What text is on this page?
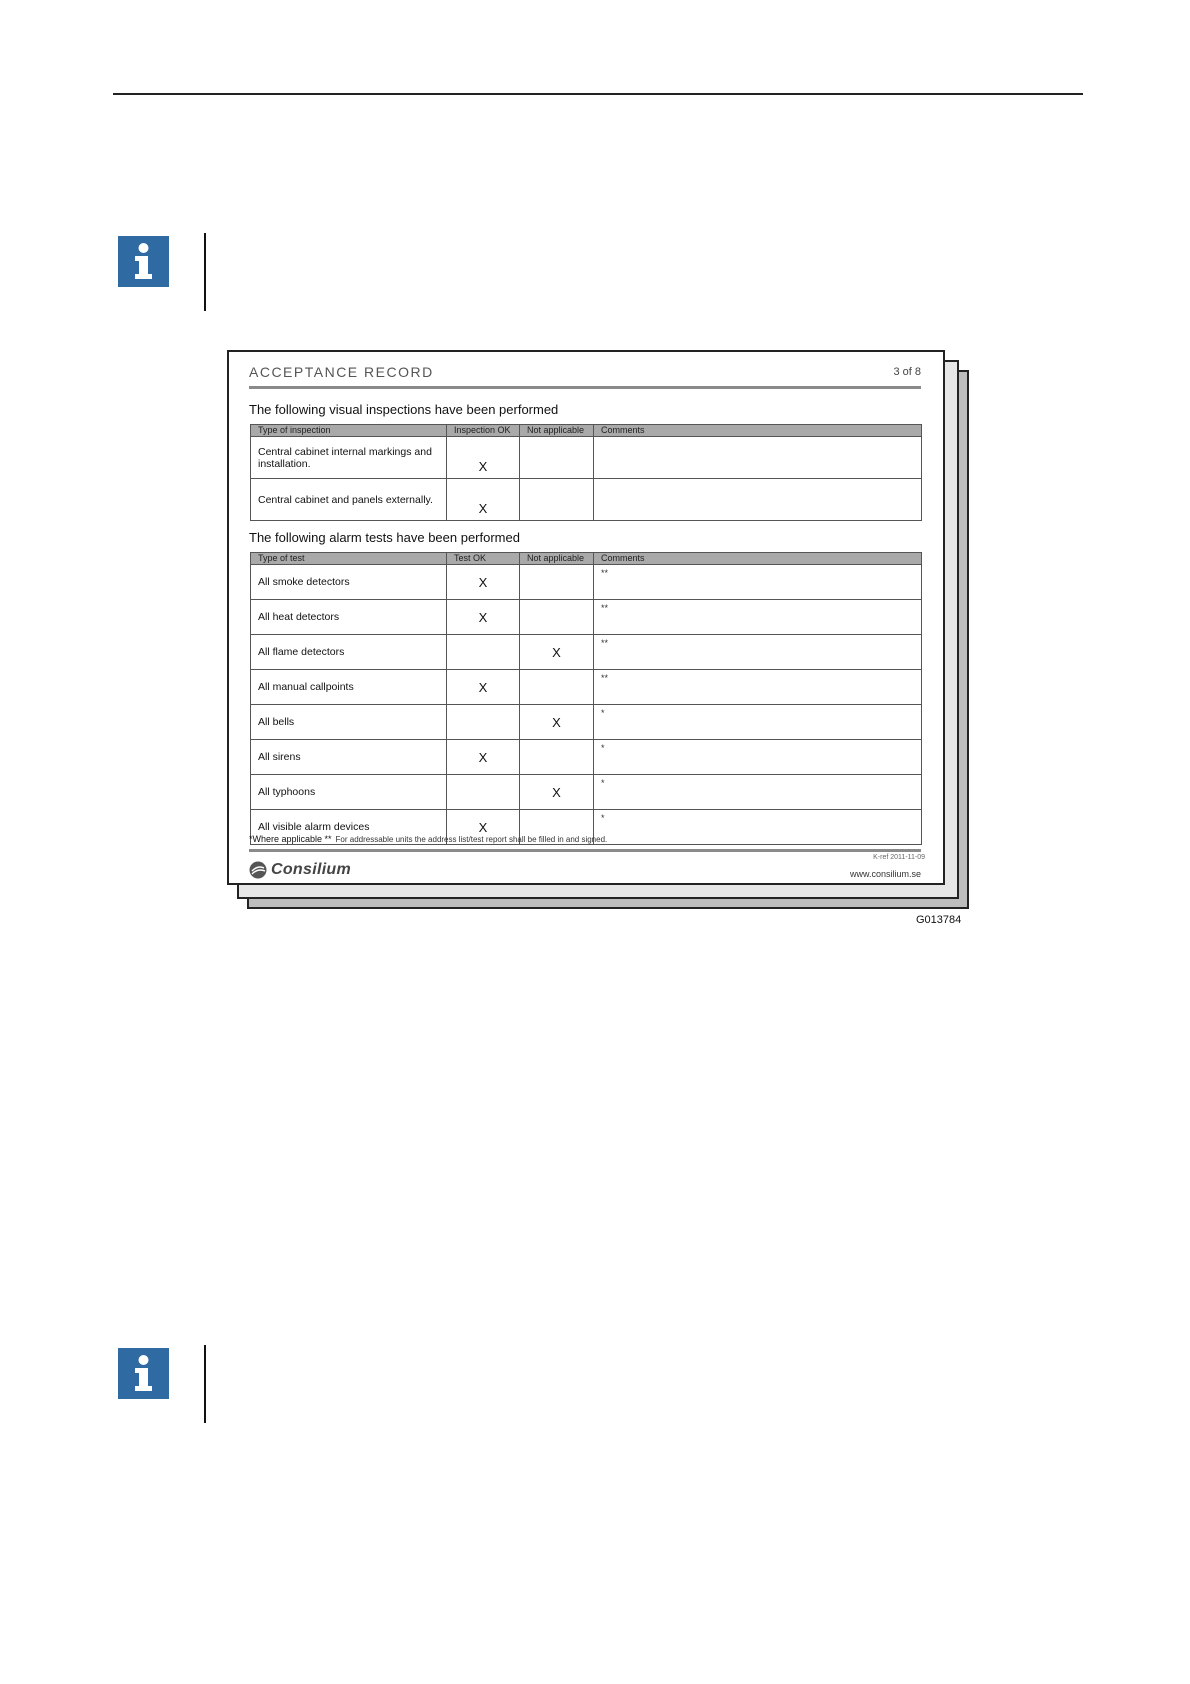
ACCEPTANCE RECORD	3 of 8
The following visual inspections have been performed
Type of inspection	Inspection OK	Not applicable	Comments
Central cabinet internal markings and installation.	X		
Central cabinet and panels externally.	X		
The following alarm tests have been performed
Type of test	Test OK	Not applicable	Comments
All smoke detectors	X		**
All heat detectors	X		**
All flame detectors		X	**
All manual callpoints	X		**
All bells		X	*
All sirens	X		*
All typhoons		X	*
All visible alarm devices	X		*
*Where applicable ** For addressable units the address list/test report shall be filled in and signed.
K-ref 2011-11-09
Consilium	www.consilium.se
G013784
